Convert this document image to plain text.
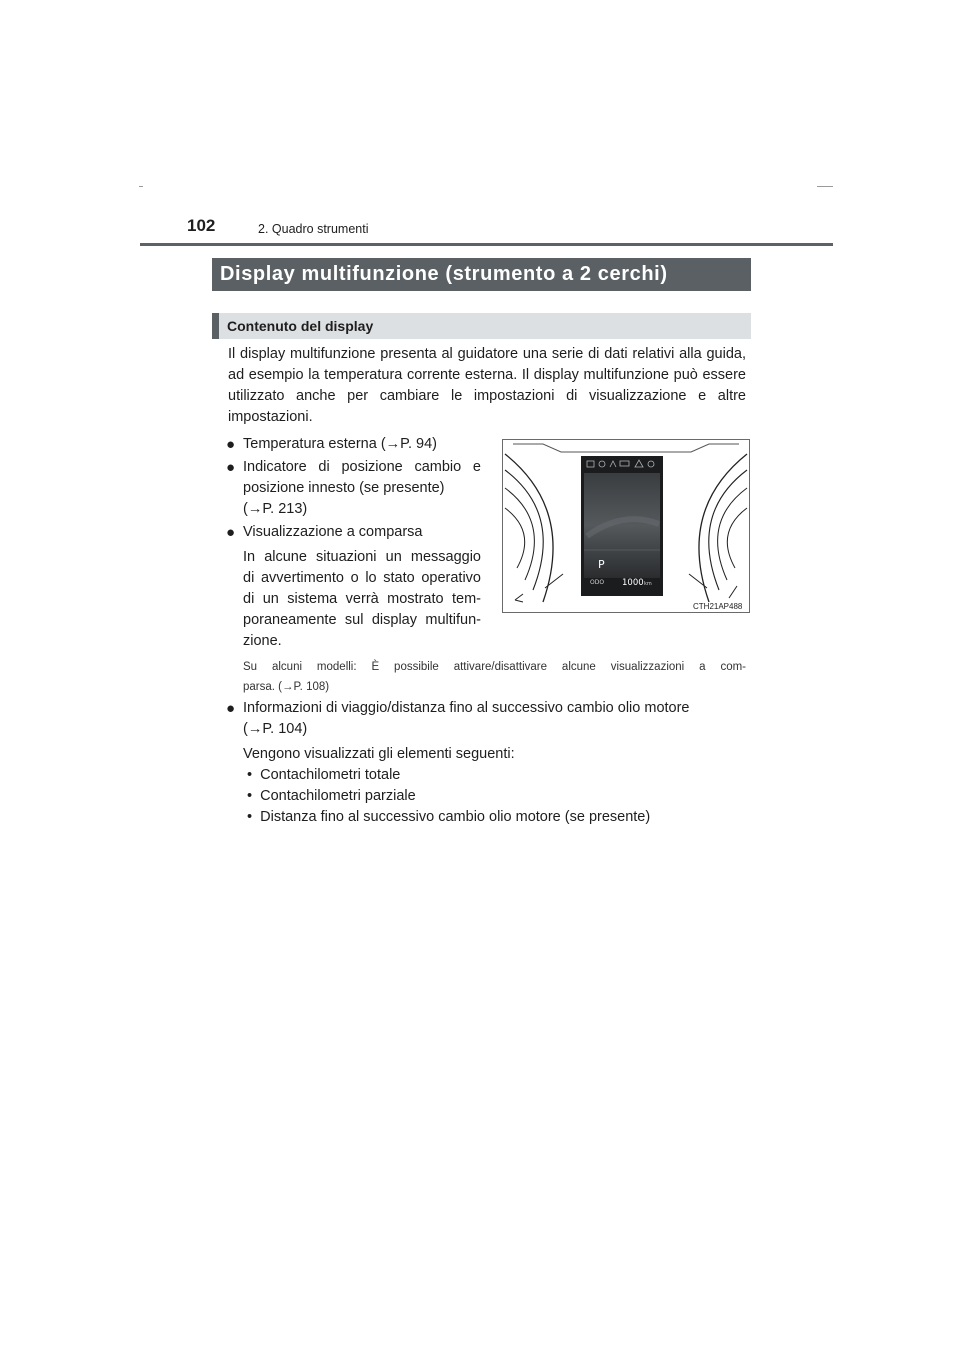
102	2. Quadro strumenti
Display multifunzione (strumento a 2 cerchi)
Contenuto del display
Il display multifunzione presenta al guidatore una serie di dati relativi alla guida, ad esempio la temperatura corrente esterna. Il display multifunzione può essere utilizzato anche per cambiare le impostazioni di visualizzazione e altre impostazioni.
● Temperatura esterna (→P. 94)
● Indicatore di posizione cambio e
posizione innesto (se presente)
(→P. 213)
● Visualizzazione a comparsa
In alcune situazioni un messaggio
di avvertimento o lo stato operativo
di un sistema verrà mostrato tem-
poraneamente sul display multifun-
zione.
Su alcuni modelli: È possibile attivare/disattivare alcune visualizzazioni a com-
parsa. (→P. 108)
● Informazioni di viaggio/distanza fino al successivo cambio olio motore
(→P. 104)
Vengono visualizzati gli elementi seguenti:
•  Contachilometri totale
•  Contachilometri parziale
•  Distanza fino al successivo cambio olio motore (se presente)
P
ODO 1000 km
CTH21AP488
